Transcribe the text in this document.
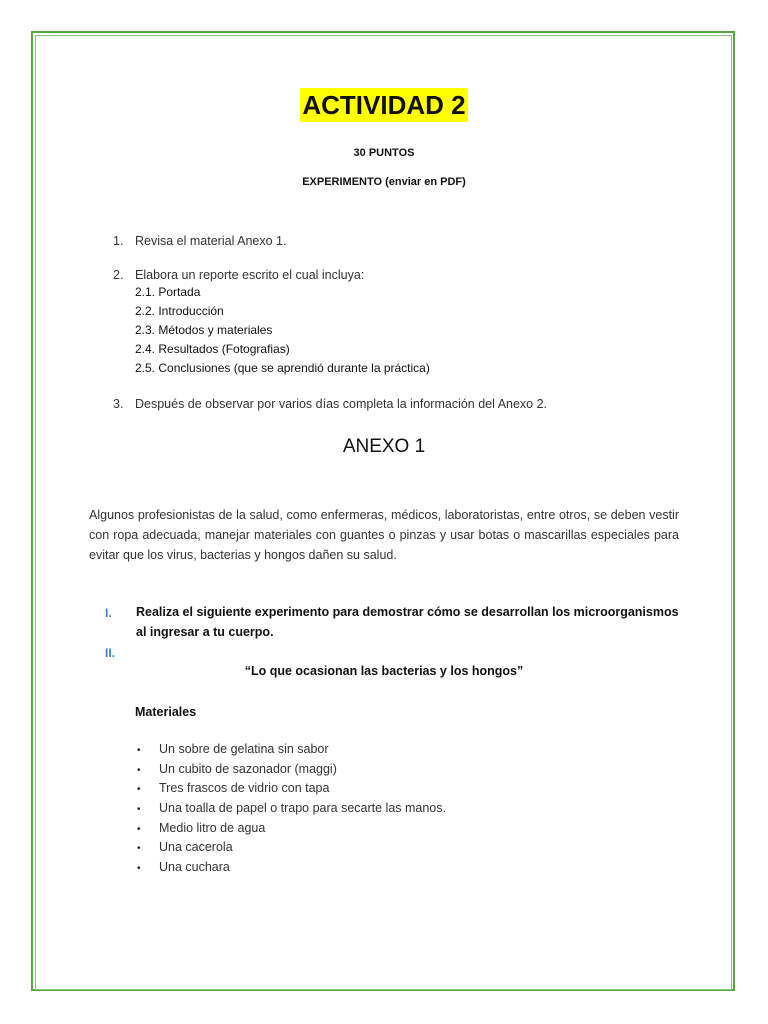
ACTIVIDAD 2
30 PUNTOS
EXPERIMENTO (enviar en PDF)
1. Revisa el material Anexo 1.
2. Elabora un reporte escrito el cual incluya:
2.1. Portada
2.2. Introducción
2.3. Métodos y materiales
2.4. Resultados (Fotografias)
2.5. Conclusiones (que se aprendió durante la práctica)
3. Después de observar por varios días completa la información del Anexo 2.
ANEXO 1
Algunos profesionistas de la salud, como enfermeras, médicos, laboratoristas, entre otros, se deben vestir con ropa adecuada, manejar materiales con guantes o pinzas y usar botas o mascarillas especiales para evitar que los virus, bacterias y hongos dañen su salud.
I. Realiza el siguiente experimento para demostrar cómo se desarrollan los microorganismos
al ingresar a tu cuerpo.
II.
“Lo que ocasionan las bacterias y los hongos”
Materiales
• Un sobre de gelatina sin sabor
• Un cubito de sazonador (maggi)
• Tres frascos de vidrio con tapa
• Una toalla de papel o trapo para secarte las manos.
• Medio litro de agua
• Una cacerola
• Una cuchara
